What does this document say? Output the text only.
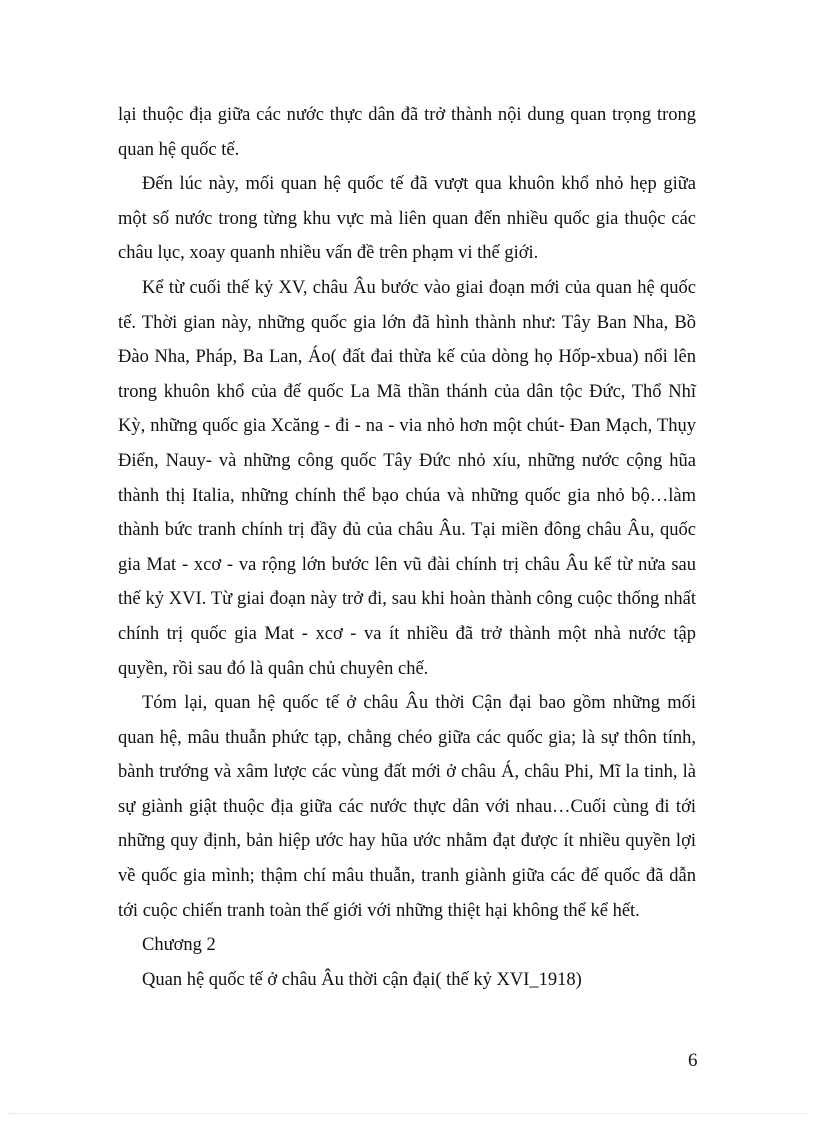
lại thuộc địa giữa các nước thực dân đã trở thành nội dung quan trọng trong quan hệ quốc tế.

Đến lúc này, mối quan hệ quốc tế đã vượt qua khuôn khổ nhỏ hẹp giữa một số nước trong từng khu vực mà liên quan đến nhiều quốc gia thuộc các châu lục, xoay quanh nhiều vấn đề trên phạm vi thế giới.

Kể từ cuối thế kỷ XV, châu Âu bước vào giai đoạn mới của quan hệ quốc tế. Thời gian này, những quốc gia lớn đã hình thành như: Tây Ban Nha, Bồ Đào Nha, Pháp, Ba Lan, Áo( đất đai thừa kế của dòng họ Hốp-xbua) nổi lên trong khuôn khổ của đế quốc La Mã thần thánh của dân tộc Đức, Thổ Nhĩ Kỳ, những quốc gia Xcăng - đi - na - via nhỏ hơn một chút- Đan Mạch, Thụy Điển, Nauy- và những công quốc Tây Đức nhỏ xíu, những nước cộng hũa thành thị Italia, những chính thể bạo chúa và những quốc gia nhỏ bộ…làm thành bức tranh chính trị đầy đủ của châu Âu. Tại miền đông châu Âu, quốc gia Mat - xcơ - va rộng lớn bước lên vũ đài chính trị châu Âu kể từ nửa sau thế kỷ XVI. Từ giai đoạn này trở đi, sau khi hoàn thành công cuộc thống nhất chính trị quốc gia Mat - xcơ - va ít nhiều đã trở thành một nhà nước tập quyền, rồi sau đó là quân chủ chuyên chế.

Tóm lại, quan hệ quốc tế ở châu Âu thời Cận đại bao gồm những mối quan hệ, mâu thuẫn phức tạp, chằng chéo giữa các quốc gia; là sự thôn tính, bành trướng và xâm lược các vùng đất mới ở châu Á, châu Phi, Mĩ la tinh, là sự giành giật thuộc địa giữa các nước thực dân với nhau…Cuối cùng đi tới những quy định, bản hiệp ước hay hũa ước nhằm đạt được ít nhiều quyền lợi về quốc gia mình; thậm chí mâu thuẫn, tranh giành giữa các đế quốc đã dẫn tới cuộc chiến tranh toàn thế giới với những thiệt hại không thể kể hết.

Chương 2

Quan hệ quốc tế ở châu Âu thời cận đại( thế kỷ XVI_1918)

6
